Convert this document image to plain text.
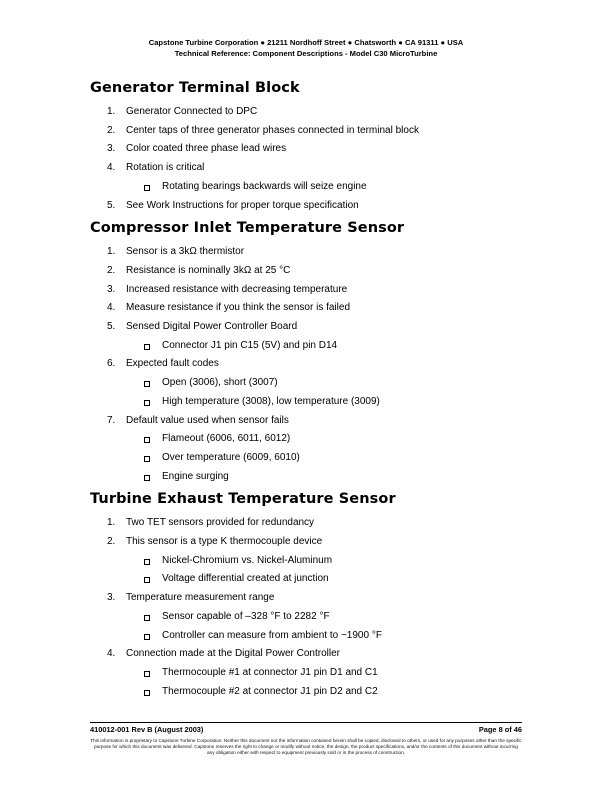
Capstone Turbine Corporation ● 21211 Nordhoff Street ● Chatsworth ● CA 91311 ● USA
Technical Reference: Component Descriptions - Model C30 MicroTurbine
Generator Terminal Block
1. Generator Connected to DPC
2. Center taps of three generator phases connected in terminal block
3. Color coated three phase lead wires
4. Rotation is critical
Rotating bearings backwards will seize engine
5. See Work Instructions for proper torque specification
Compressor Inlet Temperature Sensor
1. Sensor is a 3kΩ thermistor
2. Resistance is nominally 3kΩ at 25 °C
3. Increased resistance with decreasing temperature
4. Measure resistance if you think the sensor is failed
5. Sensed Digital Power Controller Board
Connector J1 pin C15 (5V) and pin D14
6. Expected fault codes
Open (3006), short (3007)
High temperature (3008), low temperature (3009)
7. Default value used when sensor fails
Flameout (6006, 6011, 6012)
Over temperature (6009, 6010)
Engine surging
Turbine Exhaust Temperature Sensor
1. Two TET sensors provided for redundancy
2. This sensor is a type K thermocouple device
Nickel-Chromium vs. Nickel-Aluminum
Voltage differential created at junction
3. Temperature measurement range
Sensor capable of –328 °F to 2282 °F
Controller can measure from ambient to ~1900 °F
4. Connection made at the Digital Power Controller
Thermocouple #1 at connector J1 pin D1 and C1
Thermocouple #2 at connector J1 pin D2 and C2
410012-001 Rev B (August 2003)	Page 8 of 46
This information is proprietary to Capstone Turbine Corporation. Neither this document nor the information contained herein shall be copied, disclosed to others, or used for any purposes other than the specific purpose for which this document was delivered. Capstone reserves the right to change or modify without notice, the design, the product specifications, and/or the contents of this document without incurring any obligation either with respect to equipment previously sold or in the process of construction.
